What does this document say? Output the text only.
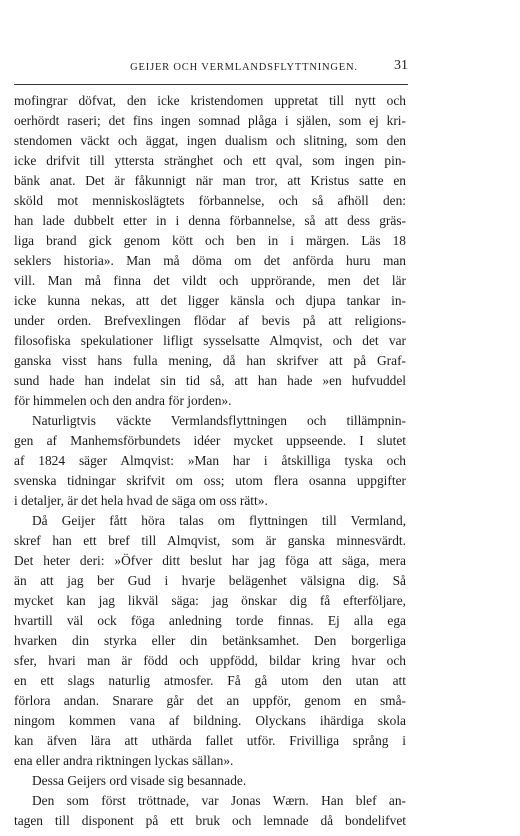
GEIJER OCH VERMLANDSFLYTTNINGEN.	31
mofingrar döfvat, den icke kristendomen uppretat till nytt och
oerhördt raseri; det fins ingen somnad plåga i själen, som ej kri-
stendomen väckt och äggat, ingen dualism och slitning, som den
icke drifvit till yttersta stränghet och ett qval, som ingen pin-
bänk anat. Det är fåkunnigt när man tror, att Kristus satte en
sköld mot menniskoslägtets förbannelse, och så afhöll den:
han lade dubbelt etter in i denna förbannelse, så att dess gräs-
liga brand gick genom kött och ben in i märgen. Läs 18
seklers historia». Man må döma om det anförda huru man
vill. Man må finna det vildt och upprörande, men det lär
icke kunna nekas, att det ligger känsla och djupa tankar in-
under orden. Brefvexlingen flödar af bevis på att religions-
filosofiska spekulationer lifligt sysselsatte Almqvist, och det var
ganska visst hans fulla mening, då han skrifver att på Graf-
sund hade han indelat sin tid så, att han hade »en hufvuddel
för himmelen och den andra för jorden».
Naturligtvis väckte Vermlandsflyttningen och tillämpnin-
gen af Manhemsförbundets idéer mycket uppseende. I slutet
af 1824 säger Almqvist: »Man har i åtskilliga tyska och
svenska tidningar skrifvit om oss; utom flera osanna uppgifter
i detaljer, är det hela hvad de säga om oss rätt».
Då Geijer fått höra talas om flyttningen till Vermland,
skref han ett bref till Almqvist, som är ganska minnesvärdt.
Det heter deri: »Öfver ditt beslut har jag föga att säga, mera
än att jag ber Gud i hvarje belägenhet välsigna dig. Så
mycket kan jag likväl säga: jag önskar dig få efterföljare,
hvartill väl ock föga anledning torde finnas. Ej alla ega
hvarken din styrka eller din betänksamhet. Den borgerliga
sfer, hvari man är född och uppfödd, bildar kring hvar och
en ett slags naturlig atmosfer. Få gå utom den utan att
förlora andan. Snarare går det an uppför, genom en små-
ningom kommen vana af bildning. Olyckans ihärdiga skola
kan äfven lära att uthärda fallet utför. Frivilliga språng i
ena eller andra riktningen lyckas sällan».
Dessa Geijers ord visade sig besannade.
Den som först tröttnade, var Jonas Wærn. Han blef an-
tagen till disponent på ett bruk och lemnade då bondelifvet
